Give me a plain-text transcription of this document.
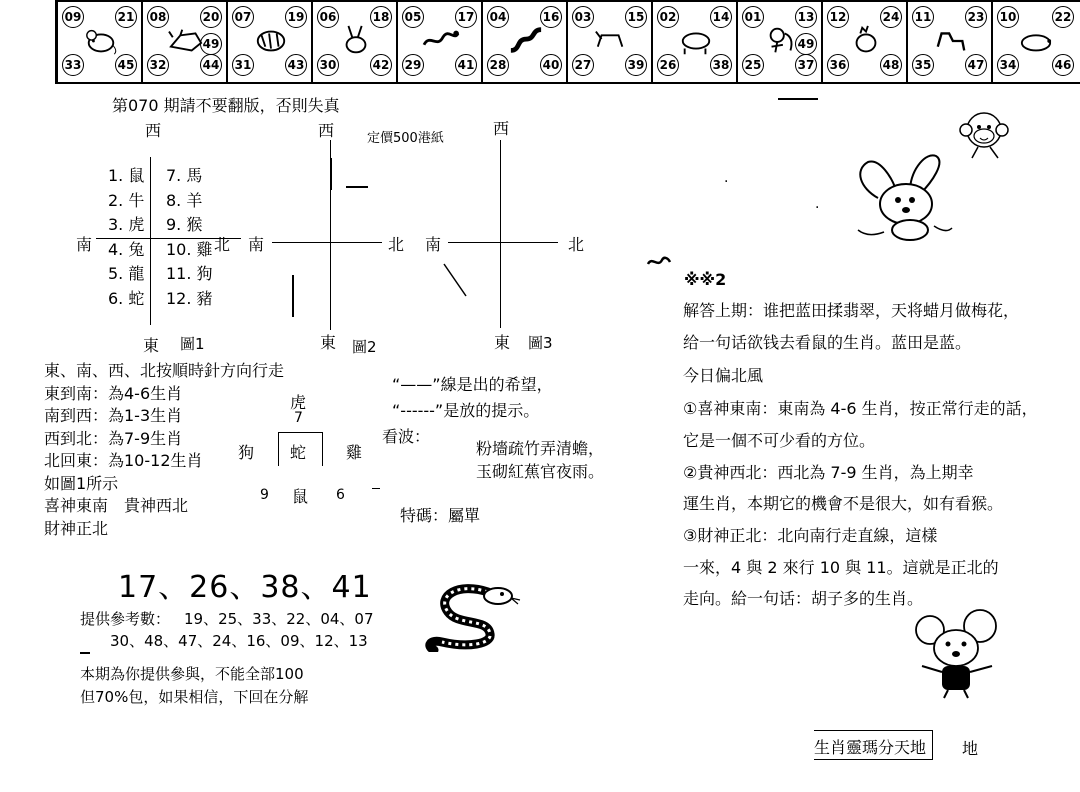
09	21
33	45
08	20
49
32	44
07	19
31	43
06	18
30	42
05	17
29	41
04	16
28	40
03	15
27	39
02	14
26	38
01	13
49
25	37
12	24
36	48
11	23
35	47
10	22
34	46
第070 期請不要翻版，否則失真
定價500港紙
西
南	北
1. 鼠
2. 牛
3. 虎
4. 兔
5. 龍
6. 蛇
7. 馬
8. 羊
9. 猴
10. 雞
11. 狗
12. 豬
東 圖1
西
南	北
東 圖2
西
南	北
東 圖3
東、南、西、北按順時針方向行走
東到南：為4-6生肖
南到西：為1-3生肖
西到北：為7-9生肖
北回東：為10-12生肖
如圖1所示
喜神東南　貴神西北
財神正北
虎
7
狗 蛇 雞
9 鼠 6
“——”線是出的希望，
“------”是放的提示。
看波：
粉墻疏竹弄清蟾，
玉砌紅蕉官夜雨。
特碼：屬單
17、26、38、41
提供參考數： 19、25、33、22、04、07
30、48、47、24、16、09、12、13
本期為你提供參與，不能全部100
但70%包，如果相信，下回在分解
.
.
※※2
解答上期：谁把蓝田揉翡翠，天将蜡月做梅花，
给一句话欲钱去看鼠的生肖。蓝田是蓝。
今日偏北風
①喜神東南：東南為 4-6 生肖，按正常行走的話，
它是一個不可少看的方位。
②貴神西北：西北為 7-9 生肖，為上期幸
運生肖，本期它的機會不是很大，如有看猴。
③財神正北：北向南行走直線，這樣
一來，4 與 2 來行 10 與 11。這就是正北的
走向。給一句话：胡子多的生肖。
生肖靈瑪分天地	地
